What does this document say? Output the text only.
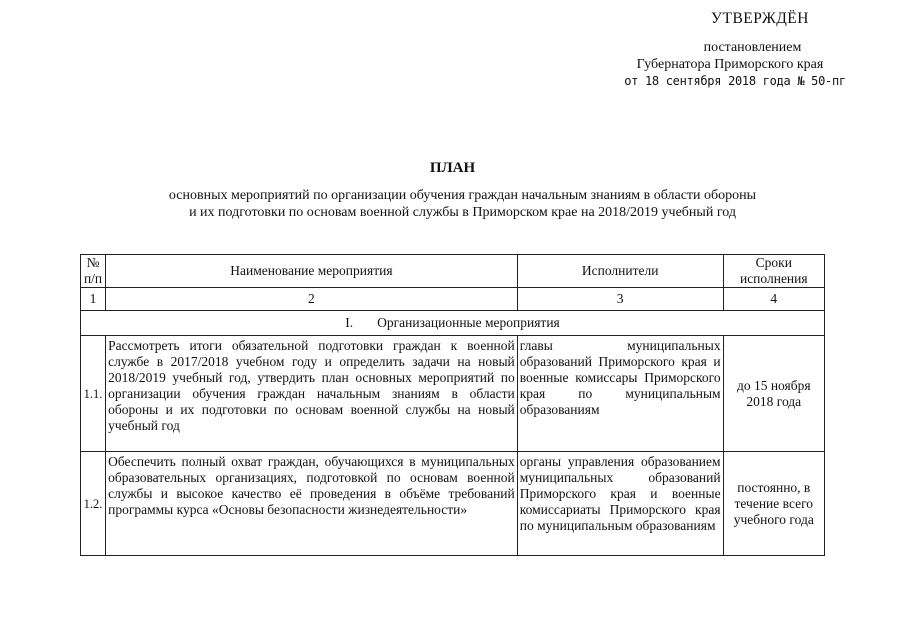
УТВЕРЖДЁН
постановлением
Губернатора Приморского края
от 18 сентября 2018 года № 50-пг
ПЛАН
основных мероприятий по организации обучения граждан начальным знаниям в области обороны
и их подготовки по основам военной службы в Приморском крае на 2018/2019 учебный год
№ п/п	Наименование мероприятия	Исполнители	Сроки исполнения
1	2	3	4
I. Организационные мероприятия			
1.1.	Рассмотреть итоги обязательной подготовки граждан к военной службе в 2017/2018 учебном году и определить задачи на новый 2018/2019 учебный год, утвердить план основных мероприятий по организации обучения граждан начальным знаниям в области обороны и их подготовки по основам военной службы на новый учебный год	главы муниципальных образований Приморского края и военные комиссары Приморского края по муниципальным образованиям	до 15 ноября 2018 года
1.2.	Обеспечить полный охват граждан, обучающихся в муниципальных образовательных организациях, подготовкой по основам военной службы и высокое качество её проведения в объёме требований программы курса «Основы безопасности жизнедеятельности»	органы управления образованием муниципальных образований Приморского края и военные комиссариаты Приморского края по муниципальным образованиям	постоянно, в течение всего учебного года
